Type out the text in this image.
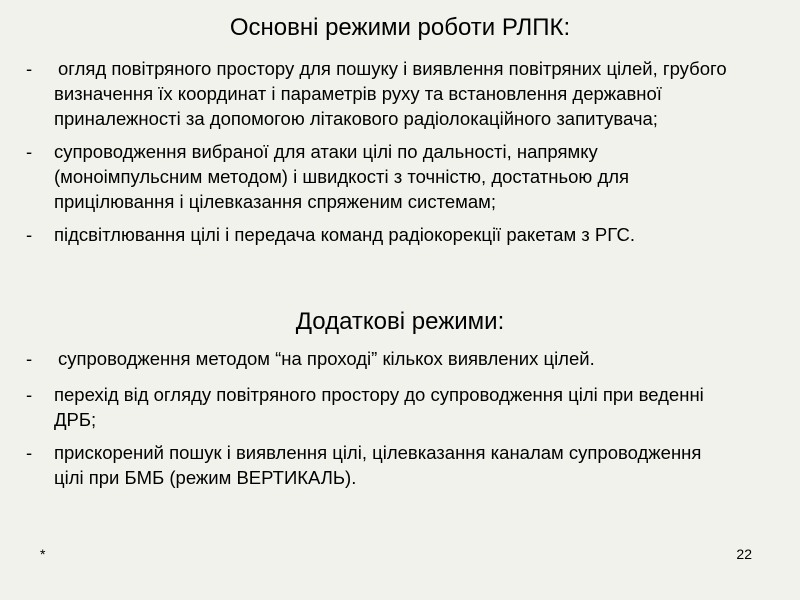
Основні режими роботи РЛПК:
-	огляд повітряного простору для пошуку і виявлення повітряних цілей, грубого визначення їх координат і параметрів руху та встановлення державної приналежності за допомогою літакового радіолокаційного запитувача;
-	супроводження вибраної для атаки цілі по дальності, напрямку (моноімпульсним методом) і швидкості з точністю, достатньою для прицілювання і цілевказання спряженим системам;
-	підсвітлювання цілі і передача команд радіокорекції ракетам з РГС.
Додаткові режими:
-	супроводження методом “на проході” кількох виявлених цілей.
-	перехід від огляду повітряного простору до супроводження цілі при веденні ДРБ;
-	прискорений пошук і виявлення цілі, цілевказання каналам супроводження цілі при БМБ (режим ВЕРТИКАЛЬ).
*	22
